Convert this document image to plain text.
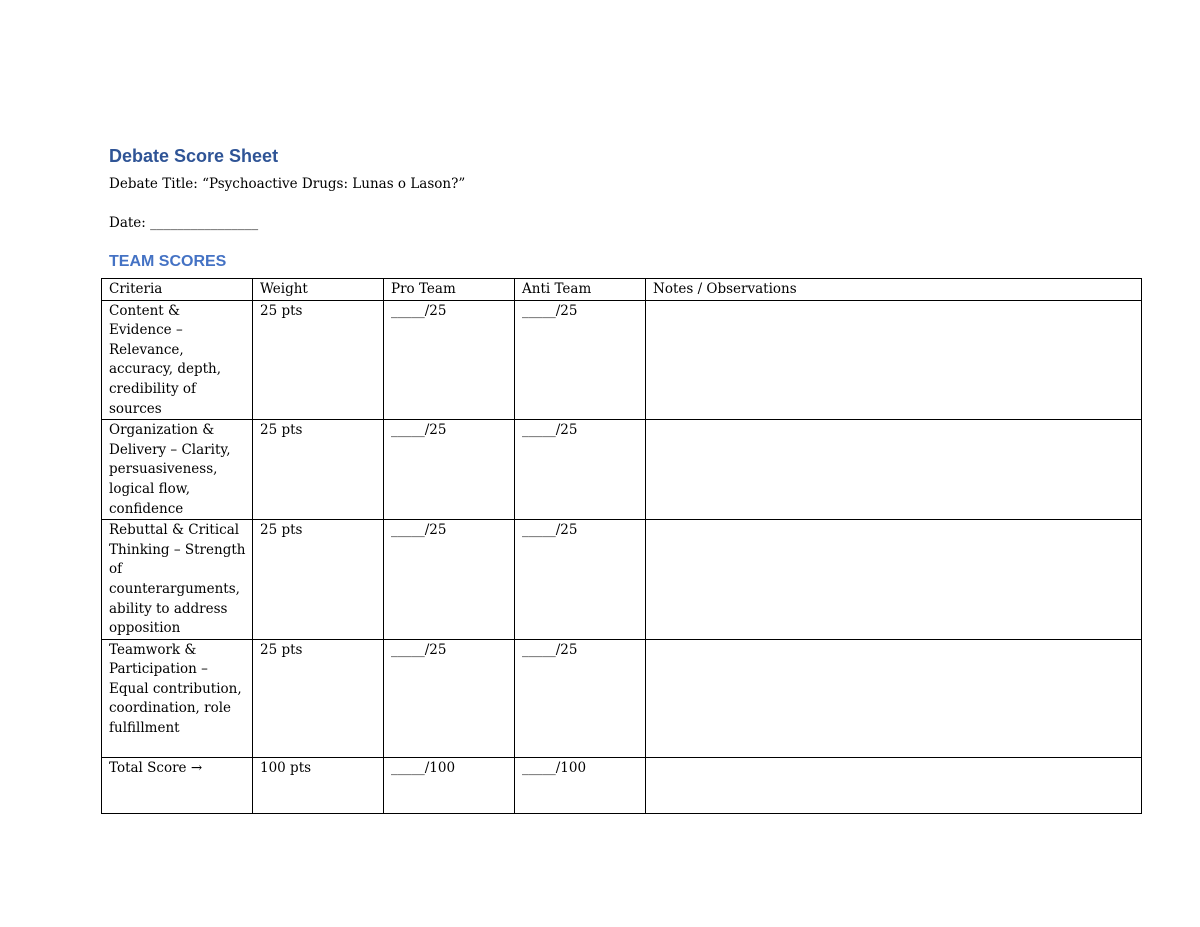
Debate Score Sheet
Debate Title: “Psychoactive Drugs: Lunas o Lason?”
Date: ________________
TEAM SCORES
Criteria	Weight	Pro Team	Anti Team	Notes / Observations
Content & Evidence – Relevance, accuracy, depth, credibility of sources	25 pts	_____/25	_____/25	
Organization & Delivery – Clarity, persuasiveness, logical flow, confidence	25 pts	_____/25	_____/25	
Rebuttal & Critical Thinking – Strength of counterarguments, ability to address opposition	25 pts	_____/25	_____/25	
Teamwork & Participation – Equal contribution, coordination, role fulfillment	25 pts	_____/25	_____/25	
Total Score →	100 pts	_____/100	_____/100	
